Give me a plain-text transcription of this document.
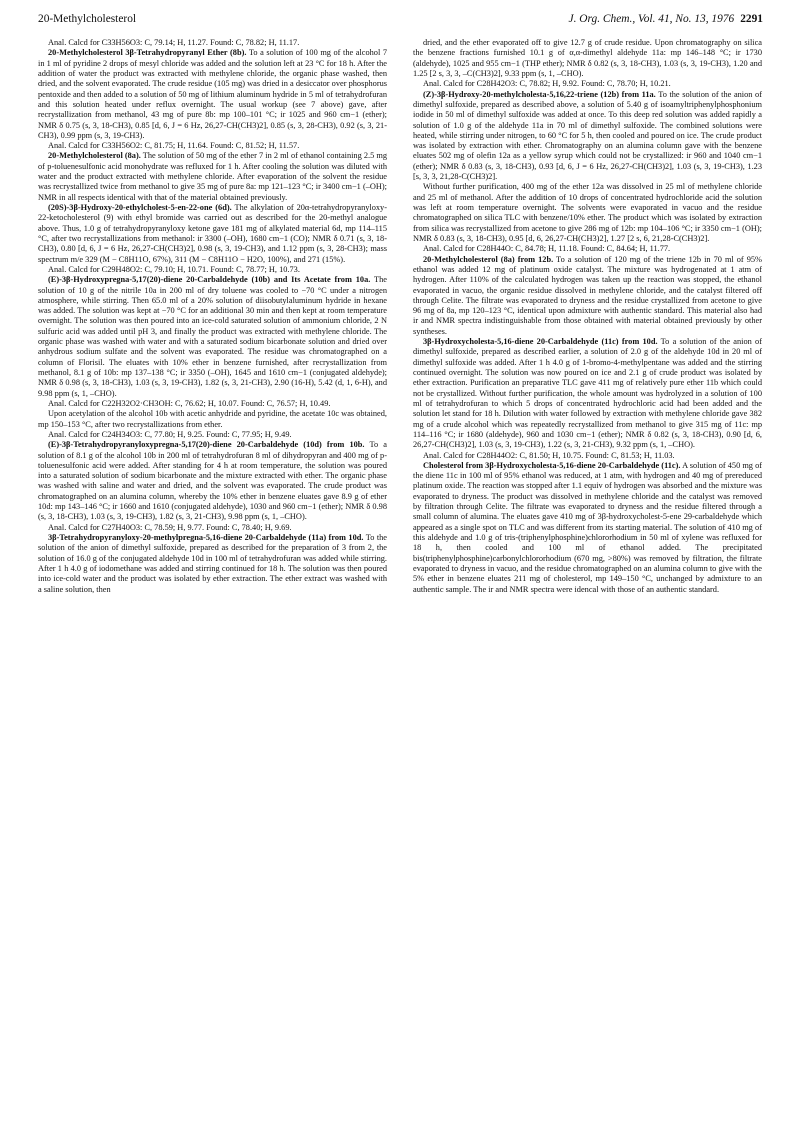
20-Methylcholesterol	J. Org. Chem., Vol. 41, No. 13, 1976 2291

Anal. Calcd for C33H56O3: C, 79.14; H, 11.27. Found: C, 78.82; H, 11.17.

20-Methylcholesterol 3β-Tetrahydropyranyl Ether (8b). To a solution of 100 mg of the alcohol 7 in 1 ml of pyridine 2 drops of mesyl chloride was added and the solution left at 23 °C for 18 h. After the addition of water the product was extracted with methylene chloride, the organic phase washed, then dried, and the solvent evaporated. The crude residue (105 mg) was dried in a desiccator over phosphorus pentoxide and then added to a solution of 50 mg of lithium aluminum hydride in 5 ml of tetrahydrofuran and this solution heated under reflux overnight. The usual workup (see 7 above) gave, after recrystallization from methanol, 43 mg of pure 8b: mp 100–101 °C; ir 1025 and 960 cm−1 (ether); NMR δ 0.75 (s, 3, 18-CH3), 0.85 [d, 6, J = 6 Hz, 26,27-CH(CH3)2], 0.85 (s, 3, 28-CH3), 0.92 (s, 3, 21-CH3), 0.99 ppm (s, 3, 19-CH3).

Anal. Calcd for C33H56O2: C, 81.75; H, 11.64. Found: C, 81.52; H, 11.57.

20-Methylcholesterol (8a). The solution of 50 mg of the ether 7 in 2 ml of ethanol containing 2.5 mg of p-toluenesulfonic acid monohydrate was refluxed for 1 h. After cooling the solution was diluted with water and the product extracted with methylene chloride. After evaporation of the solvent the residue was recrystallized twice from methanol to give 35 mg of pure 8a: mp 121–123 °C; ir 3400 cm−1 (–OH); NMR in all respects identical with that of the material obtained previously.

(20S)-3β-Hydroxy-20-ethylcholest-5-en-22-one (6d). The alkylation of 20α-tetrahydropyranyloxy-22-ketocholesterol (9) with ethyl bromide was carried out as described for the 20-methyl analogue above. Thus, 1.0 g of tetrahydropyranyloxy ketone gave 181 mg of alkylated material 6d, mp 114–115 °C, after two recrystallizations from methanol: ir 3300 (–OH), 1680 cm−1 (CO); NMR δ 0.71 (s, 3, 18-CH3), 0.80 [d, 6, J = 6 Hz, 26,27-CH(CH3)2], 0.98 (s, 3, 19-CH3), and 1.12 ppm (s, 3, 28-CH3); mass spectrum m/e 329 (M − C8H11O, 67%), 311 (M − C8H11O − H2O, 100%), and 271 (15%).

Anal. Calcd for C29H48O2: C, 79.10; H, 10.71. Found: C, 78.77; H, 10.73.

(E)-3β-Hydroxypregna-5,17(20)-diene 20-Carbaldehyde (10b) and Its Acetate from 10a. The solution of 10 g of the nitrile 10a in 200 ml of dry toluene was cooled to −70 °C under a nitrogen atmosphere, while stirring. Then 65.0 ml of a 20% solution of diisobutylaluminum hydride in hexane was added. The solution was kept at −70 °C for an additional 30 min and then kept at room temperature overnight. The solution was then poured into an ice-cold saturated solution of ammonium chloride, 2 N sulfuric acid was added until pH 3, and finally the product was extracted with methylene chloride. The organic phase was washed with water and with a saturated sodium bicarbonate solution and dried over anhydrous sodium sulfate and the solvent was evaporated. The residue was chromatographed on a column of Florisil. The eluates with 10% ether in benzene furnished, after recrystallization from methanol, 8.1 g of 10b: mp 137–138 °C; ir 3350 (–OH), 1645 and 1610 cm−1 (conjugated aldehyde); NMR δ 0.98 (s, 3, 18-CH3), 1.03 (s, 3, 19-CH3), 1.82 (s, 3, 21-CH3), 2.90 (16-H), 5.42 (d, 1, 6-H), and 9.98 ppm (s, 1, –CHO).

Anal. Calcd for C22H32O2·CH3OH: C, 76.62; H, 10.07. Found: C, 76.57; H, 10.49.

Upon acetylation of the alcohol 10b with acetic anhydride and pyridine, the acetate 10c was obtained, mp 150–153 °C, after two recrystallizations from ether.

Anal. Calcd for C24H34O3: C, 77.80; H, 9.25. Found: C, 77.95; H, 9.49.

(E)-3β-Tetrahydropyranyloxypregna-5,17(20)-diene 20-Carbaldehyde (10d) from 10b. To a solution of 8.1 g of the alcohol 10b in 200 ml of tetrahydrofuran 8 ml of dihydropyran and 400 mg of p-toluenesulfonic acid were added. After standing for 4 h at room temperature, the solution was poured into a saturated solution of sodium bicarbonate and the mixture extracted with ether. The organic phase was washed with saline and water and dried, and the solvent was evaporated. The crude product was chromatographed on an alumina column, whereby the 10% ether in benzene eluates gave 8.9 g of ether 10d: mp 143–146 °C; ir 1660 and 1610 (conjugated aldehyde), 1030 and 960 cm−1 (ether); NMR δ 0.98 (s, 3, 18-CH3), 1.03 (s, 3, 19-CH3), 1.82 (s, 3, 21-CH3), 9.98 ppm (s, 1, –CHO).

Anal. Calcd for C27H40O3: C, 78.59; H, 9.77. Found: C, 78.40; H, 9.69.

3β-Tetrahydropyranyloxy-20-methylpregna-5,16-diene 20-Carbaldehyde (11a) from 10d. To the solution of the anion of dimethyl sulfoxide, prepared as described for the preparation of 3 from 2, the solution of 16.0 g of the conjugated aldehyde 10d in 100 ml of tetrahydrofuran was added while stirring. After 1 h 4.0 g of iodomethane was added and stirring continued for 18 h. The solution was then poured into ice-cold water and the product was isolated by ether extraction. The ether extract was washed with a saline solution, then

dried, and the ether evaporated off to give 12.7 g of crude residue. Upon chromatography on silica the benzene fractions furnished 10.1 g of α,α-dimethyl aldehyde 11a: mp 146–148 °C; ir 1730 (aldehyde), 1025 and 955 cm−1 (THP ether); NMR δ 0.82 (s, 3, 18-CH3), 1.03 (s, 3, 19-CH3), 1.20 and 1.25 [2 s, 3, 3, –C(CH3)2], 9.33 ppm (s, 1, –CHO).

Anal. Calcd for C28H42O3: C, 78.82; H, 9.92. Found: C, 78.70; H, 10.21.

(Z)-3β-Hydroxy-20-methylcholesta-5,16,22-triene (12b) from 11a. To the solution of the anion of dimethyl sulfoxide, prepared as described above, a solution of 5.40 g of isoamyltriphenylphosphonium iodide in 50 ml of dimethyl sulfoxide was added at once. To this deep red solution was added rapidly a solution of 1.0 g of the aldehyde 11a in 70 ml of dimethyl sulfoxide. The combined solutions were heated, while stirring under nitrogen, to 60 °C for 5 h, then cooled and poured on ice. The crude product was isolated by extraction with ether. Chromatography on an alumina column gave with the benzene eluates 502 mg of olefin 12a as a yellow syrup which could not be crystallized: ir 960 and 1040 cm−1 (ether); NMR δ 0.83 (s, 3, 18-CH3), 0.93 [d, 6, J = 6 Hz, 26,27-CH(CH3)2], 1.03 (s, 3, 19-CH3), 1.23 [s, 3, 3, 21,28-C(CH3)2].

Without further purification, 400 mg of the ether 12a was dissolved in 25 ml of methylene chloride and 25 ml of methanol. After the addition of 10 drops of concentrated hydrochloride acid the solution was left at room temperature overnight. The solvents were evaporated in vacuo and the residue chromatographed on silica TLC with benzene/10% ether. The product which was isolated by extraction from silica was recrystallized from acetone to give 286 mg of 12b: mp 104–106 °C; ir 3350 cm−1 (OH); NMR δ 0.83 (s, 3, 18-CH3), 0.95 [d, 6, 26,27-CH(CH3)2], 1.27 [2 s, 6, 21,28-C(CH3)2].

Anal. Calcd for C28H44O: C, 84.78; H, 11.18. Found: C, 84.64; H, 11.77.

20-Methylcholesterol (8a) from 12b. To a solution of 120 mg of the triene 12b in 70 ml of 95% ethanol was added 12 mg of platinum oxide catalyst. The mixture was hydrogenated at 1 atm of hydrogen. After 110% of the calculated hydrogen was taken up the reaction was stopped, the ethanol evaporated in vacuo, the organic residue dissolved in methylene chloride, and the catalyst filtered off through Celite. The filtrate was evaporated to dryness and the residue crystallized from acetone to give 96 mg of 8a, mp 120–123 °C, identical upon admixture with authentic standard. This material also had ir and NMR spectra indistinguishable from those obtained with material obtained previously by other syntheses.

3β-Hydroxycholesta-5,16-diene 20-Carbaldehyde (11c) from 10d. To a solution of the anion of dimethyl sulfoxide, prepared as described earlier, a solution of 2.0 g of the aldehyde 10d in 20 ml of dimethyl sulfoxide was added. After 1 h 4.0 g of 1-bromo-4-methylpentane was added and the stirring continued overnight. The solution was now poured on ice and 2.1 g of crude product was isolated by ether extraction. Purification an preparative TLC gave 411 mg of relatively pure ether 11b which could not be crystallized. Without further purification, the whole amount was hydrolyzed in a solution of 100 ml of tetrahydrofuran to which 5 drops of concentrated hydrochloric acid had been added and the solution let stand for 18 h. Dilution with water followed by extraction with methylene chloride gave 382 mg of a crude alcohol which was repeatedly recrystallized from methanol to give 315 mg of 11c: mp 114–116 °C; ir 1680 (aldehyde), 960 and 1030 cm−1 (ether); NMR δ 0.82 (s, 3, 18-CH3), 0.90 [d, 6, 26,27-CH(CH3)2], 1.03 (s, 3, 19-CH3), 1.22 (s, 3, 21-CH3), 9.32 ppm (s, 1, –CHO).

Anal. Calcd for C28H44O2: C, 81.50; H, 10.75. Found: C, 81.53; H, 11.03.

Cholesterol from 3β-Hydroxycholesta-5,16-diene 20-Carbaldehyde (11c). A solution of 450 mg of the diene 11c in 100 ml of 95% ethanol was reduced, at 1 atm, with hydrogen and 40 mg of prereduced platinum oxide. The reaction was stopped after 1.1 equiv of hydrogen was absorbed and the mixture was evaporated to dryness. The product was dissolved in methylene chloride and the catalyst was removed by filtration through Celite. The filtrate was evaporated to dryness and the residue filtered through a small column of alumina. The eluates gave 410 mg of 3β-hydroxycholest-5-ene 29-carbaldehyde which appeared as a single spot on TLC and was different from its starting material. The solution of 410 mg of this aldehyde and 1.0 g of tris-(triphenylphosphine)chlororhodium in 50 ml of xylene was refluxed for 18 h, then cooled and 100 ml of ethanol added. The precipitated bis(triphenylphosphine)carbonylchlororhodium (670 mg, >80%) was removed by filtration, the filtrate evaporated to dryness in vacuo, and the residue chromatographed on an alumina column to give with the 5% ether in benzene eluates 211 mg of cholesterol, mp 149–150 °C, unchanged by admixture to an authentic sample. The ir and NMR spectra were idencal with those of an authentic standard.
